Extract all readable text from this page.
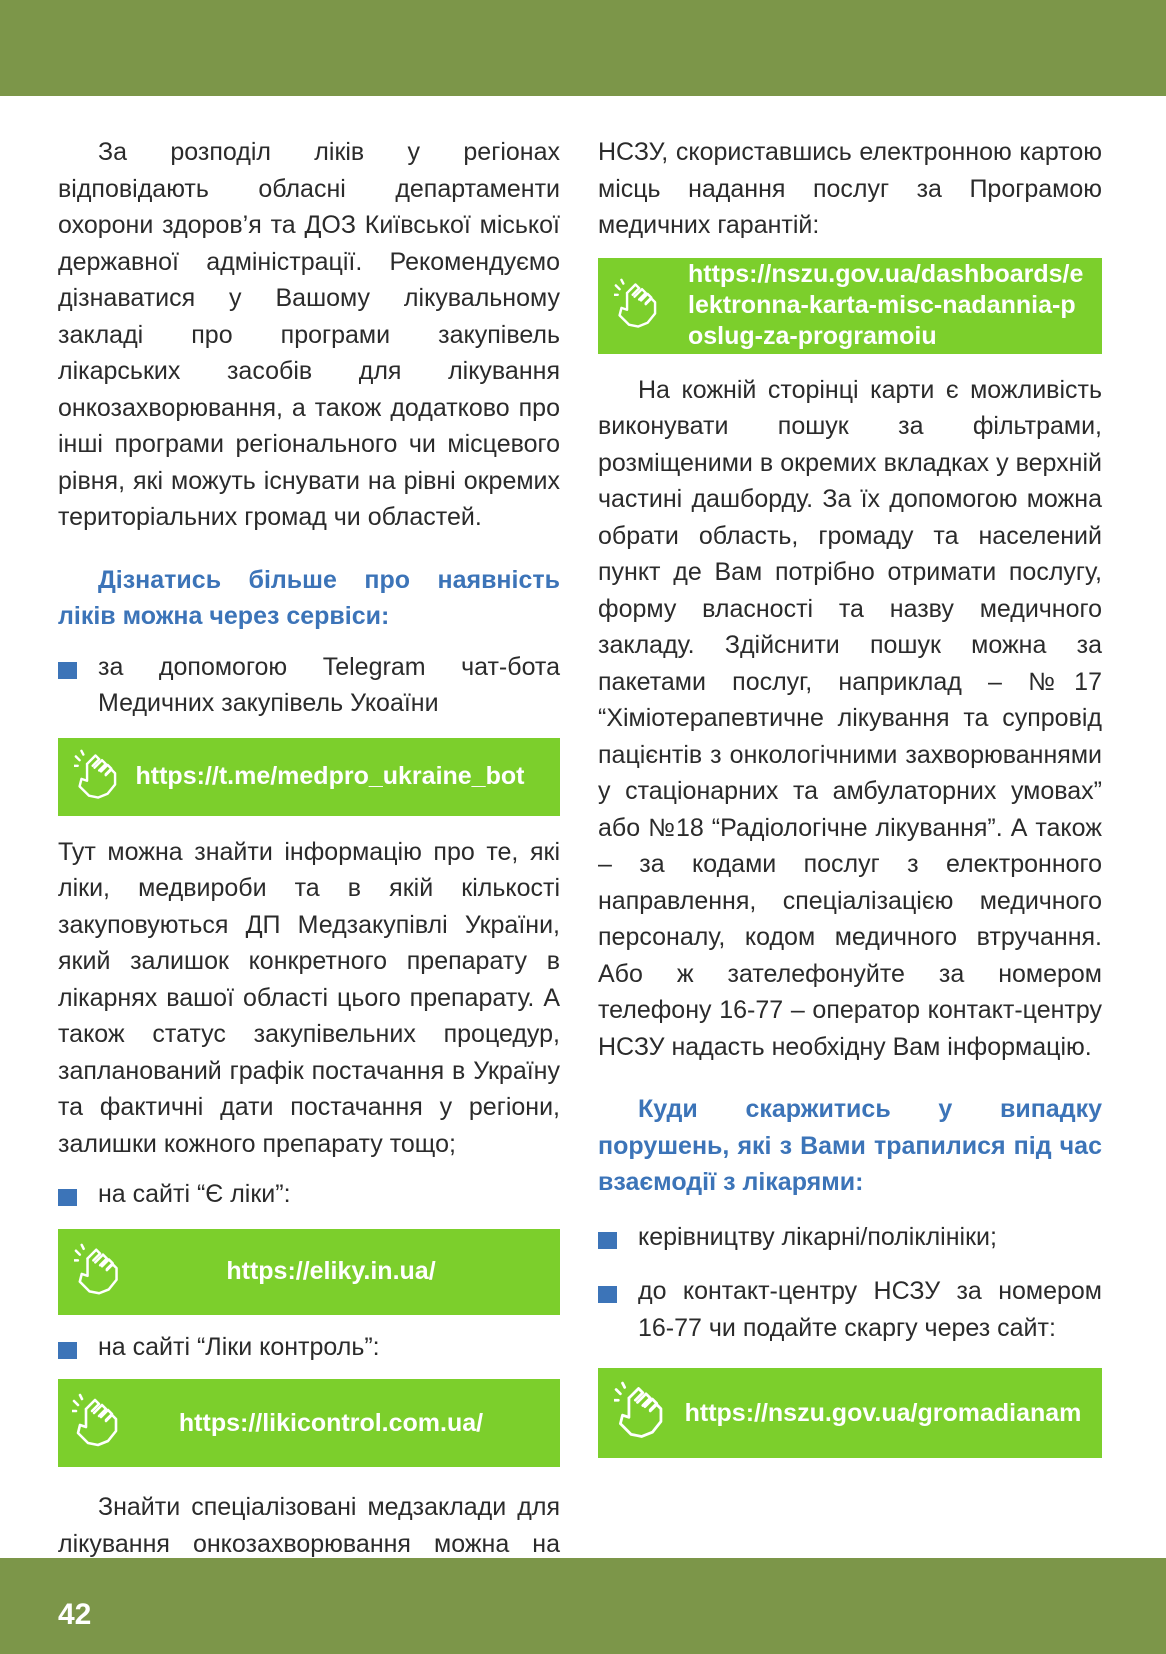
За розподіл ліків у регіонах відповідають обласні департаменти охорони здоров’я та ДОЗ Київської міської державної адміністрації. Рекомендуємо дізнаватися у Вашому лікувальному закладі про програми закупівель лікарських засобів для лікування онкозахворювання, а також додатково про інші програми регіонального чи місцевого рівня, які можуть існувати на рівні окремих територіальних громад чи областей.

Дізнатись більше про наявність ліків можна через сервіси:
за допомогою Telegram чат-бота Медичних закупівель Укоаїни
https://t.me/medpro_ukraine_bot

Тут можна знайти інформацію про те, які ліки, медвироби та в якій кількості закуповуються ДП Медзакупівлі України, який залишок конкретного препарату в лікарнях вашої області цього препарату. А також статус закупівельних процедур, запланований графік постачання в Україну та фактичні дати постачання у регіони, залишки кожного препарату тощо;

на сайті “Є ліки”:
https://eliky.in.ua/
на сайті “Ліки контроль”:
https://likicontrol.com.ua/

Знайти спеціалізовані медзаклади для лікування онкозахворювання можна на

НСЗУ, скориставшись електронною картою місць надання послуг за Програмою медичних гарантій:

https://nszu.gov.ua/dashboards/elektronna-karta-misc-nadannia-poslug-za-programoiu

На кожній сторінці карти є можливість виконувати пошук за фільтрами, розміщеними в окремих вкладках у верхній частині дашборду. За їх допомогою можна обрати область, громаду та населений пункт де Вам потрібно отримати послугу, форму власності та назву медичного закладу. Здійснити пошук можна за пакетами послуг, наприклад – №17 “Хіміотерапевтичне лікування та супровід пацієнтів з онкологічними захворюваннями у стаціонарних та амбулаторних умовах” або №18 “Радіологічне лікування”. А також – за кодами послуг з електронного направлення, спеціалізацією медичного персоналу, кодом медичного втручання. Або ж зателефонуйте за номером телефону 16-77 – оператор контакт-центру НСЗУ надасть необхідну Вам інформацію.

Куди скаржитись у випадку порушень, які з Вами трапилися під час взаємодії з лікарями:
керівництву лікарні/поліклініки;
до контакт-центру НСЗУ за номером 16-77 чи подайте скаргу через сайт:
https://nszu.gov.ua/gromadianam
42
